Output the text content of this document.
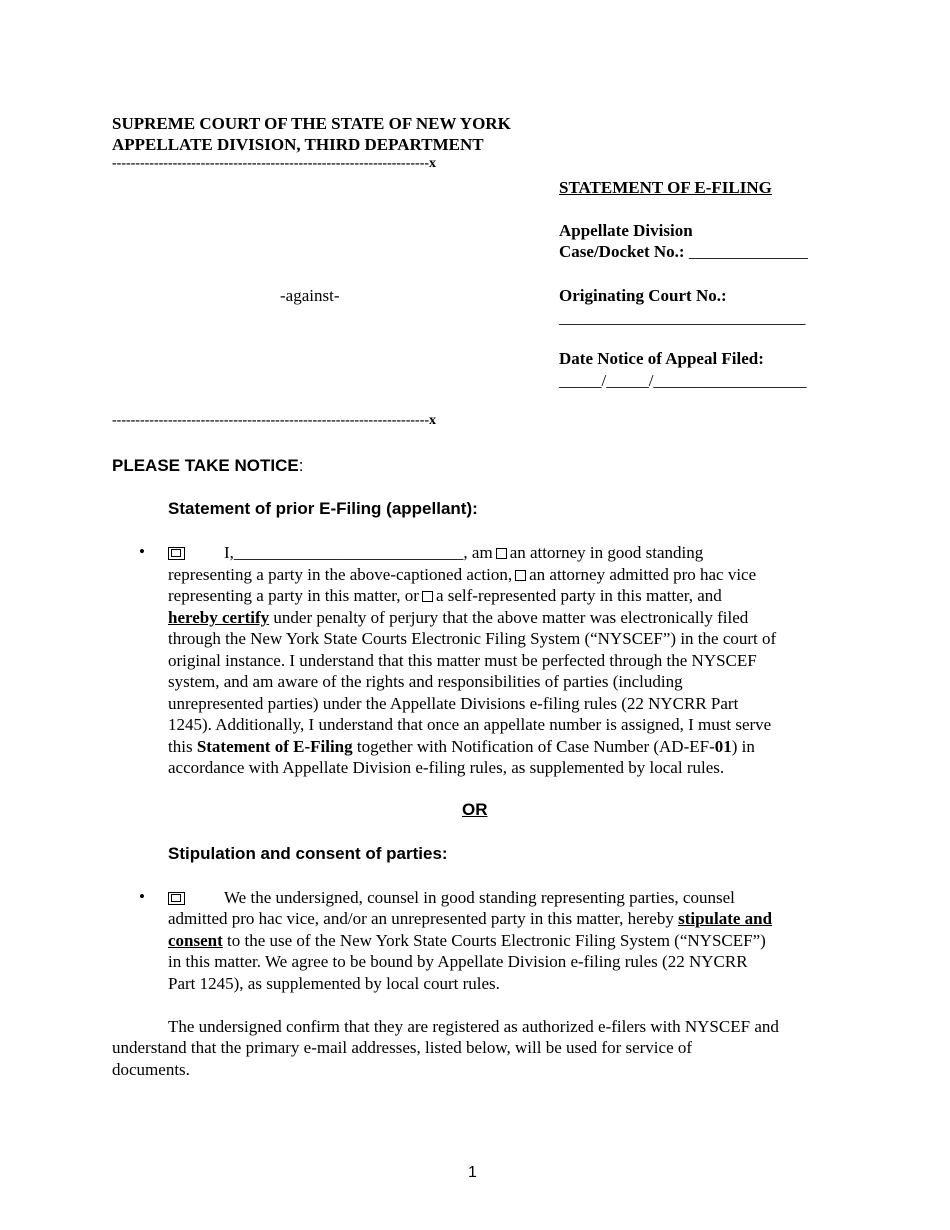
SUPREME COURT OF THE STATE OF NEW YORK
APPELLATE DIVISION, THIRD DEPARTMENT
--------------------------------------------------------------------x
STATEMENT OF E-FILING
Appellate Division
Case/Docket No.: ______________
-against-	Originating Court No.:
_____________________________
Date Notice of Appeal Filed:
_____/_____/__________________
--------------------------------------------------------------------x
PLEASE TAKE NOTICE:
Statement of prior E-Filing (appellant):
•	I,___________________________, am an attorney in good standing
representing a party in the above-captioned action, an attorney admitted pro hac vice
representing a party in this matter, or a self-represented party in this matter, and
hereby certify under penalty of perjury that the above matter was electronically filed
through the New York State Courts Electronic Filing System (“NYSCEF”) in the court of
original instance. I understand that this matter must be perfected through the NYSCEF
system, and am aware of the rights and responsibilities of parties (including
unrepresented parties) under the Appellate Divisions e-filing rules (22 NYCRR Part
1245). Additionally, I understand that once an appellate number is assigned, I must serve
this Statement of E-Filing together with Notification of Case Number (AD-EF-01) in
accordance with Appellate Division e-filing rules, as supplemented by local rules.
OR
Stipulation and consent of parties:
•	We the undersigned, counsel in good standing representing parties, counsel
admitted pro hac vice, and/or an unrepresented party in this matter, hereby stipulate and
consent to the use of the New York State Courts Electronic Filing System (“NYSCEF”)
in this matter. We agree to be bound by Appellate Division e-filing rules (22 NYCRR
Part 1245), as supplemented by local court rules.
The undersigned confirm that they are registered as authorized e-filers with NYSCEF and
understand that the primary e-mail addresses, listed below, will be used for service of
documents.
1
